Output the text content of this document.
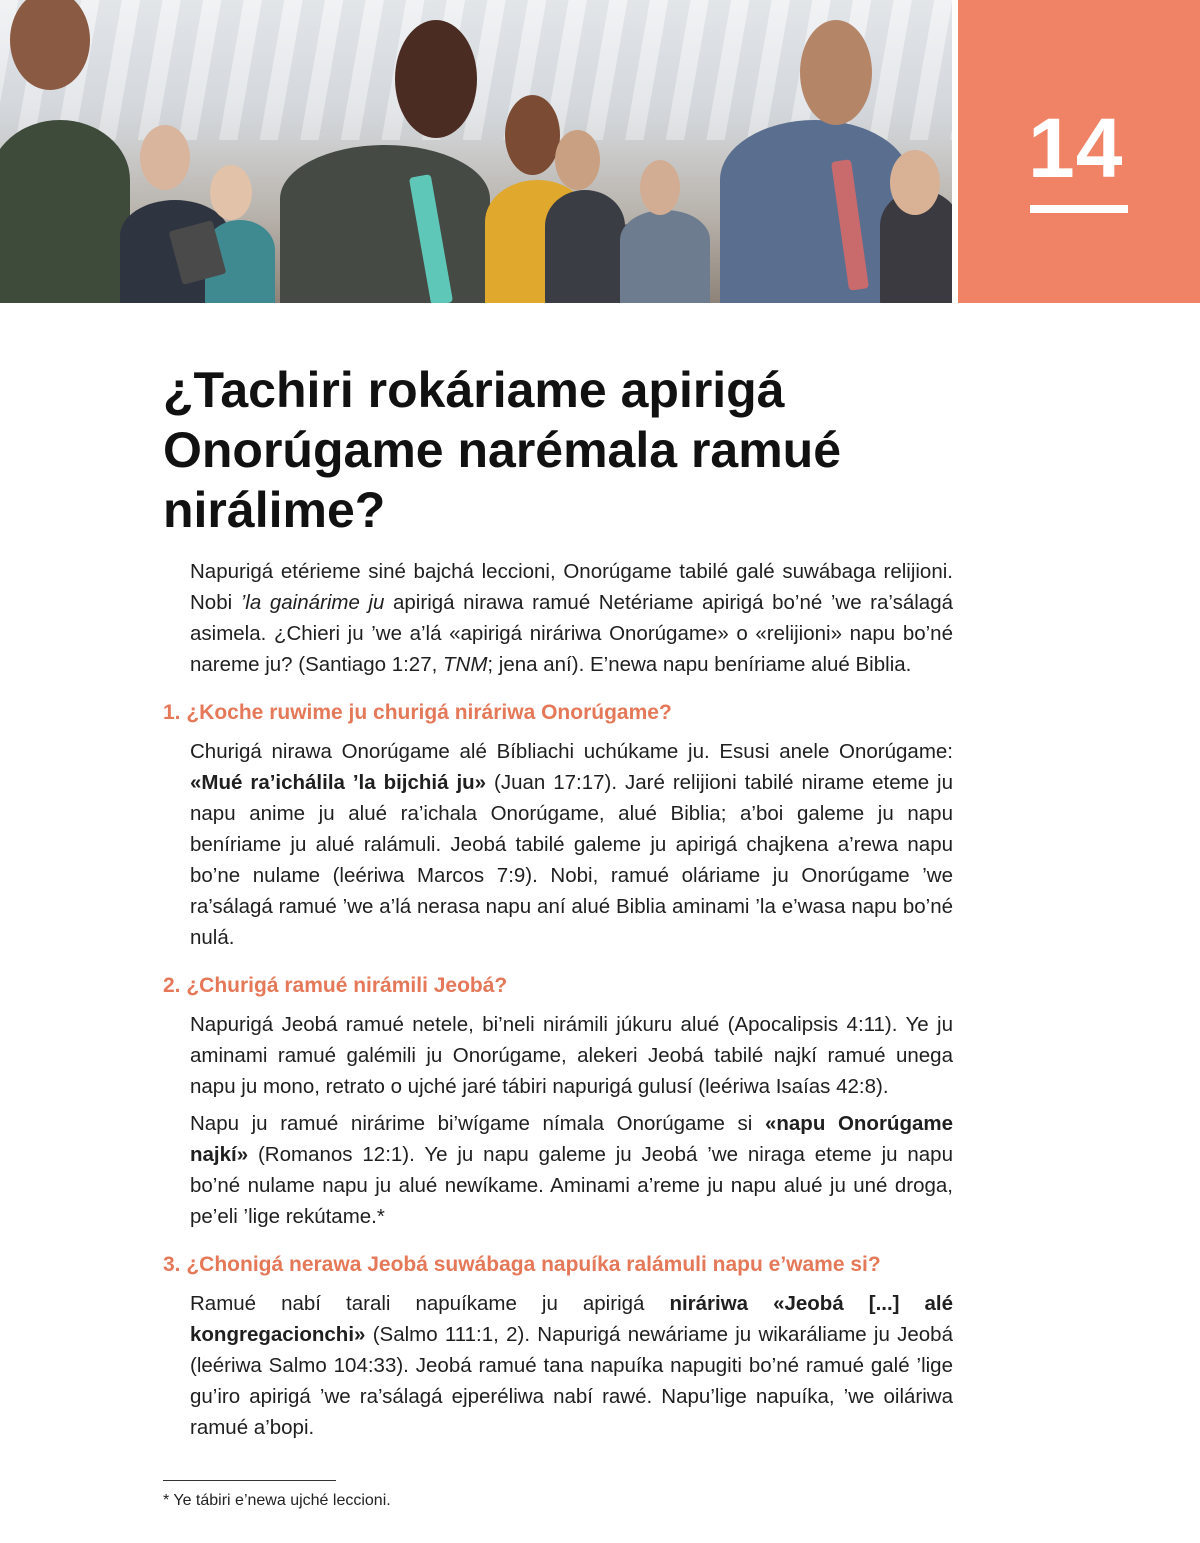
14
¿Tachiri rokáriame apirigá Onorúgame narémala ramué nirálime?

Napurigá etérieme siné bajchá leccioni, Onorúgame tabilé galé suwábaga relijioni. Nobi ’la gainárime ju apirigá nirawa ramué Netériame apirigá bo’né ’we ra’sálagá asimela. ¿Chieri ju ’we a’lá «apirigá niráriwa Onorúgame» o «relijioni» napu bo’né nareme ju? (Santiago 1:27, TNM; jena aní). E’newa napu beníriame alué Biblia.

1. ¿Koche ruwime ju churigá niráriwa Onorúgame?

Churigá nirawa Onorúgame alé Bíbliachi uchúkame ju. Esusi anele Onorúgame: «Mué ra’ichálila ’la bijchiá ju» (Juan 17:17). Jaré relijioni tabilé nirame eteme ju napu anime ju alué ra’ichala Onorúgame, alué Biblia; a’boi galeme ju napu beníriame ju alué ralámuli. Jeobá tabilé galeme ju apirigá chajkena a’rewa napu bo’ne nulame (leériwa Marcos 7:9). Nobi, ramué oláriame ju Onorúgame ’we ra’sálagá ramué ’we a’lá nerasa napu aní alué Biblia aminami ’la e’wasa napu bo’né nulá.

2. ¿Churigá ramué nirámili Jeobá?

Napurigá Jeobá ramué netele, bi’neli nirámili júkuru alué (Apocalipsis 4:11). Ye ju aminami ramué galémili ju Onorúgame, alekeri Jeobá tabilé najkí ramué unega napu ju mono, retrato o ujché jaré tábiri napurigá gulusí (leériwa Isaías 42:8).

Napu ju ramué nirárime bi’wígame nímala Onorúgame si «napu Onorúgame najkí» (Romanos 12:1). Ye ju napu galeme ju Jeobá ’we niraga eteme ju napu bo’né nulame napu ju alué newíkame. Aminami a’reme ju napu alué ju uné droga, pe’eli ’lige rekútame.*

3. ¿Chonigá nerawa Jeobá suwábaga napuíka ralámuli napu e’wame si?

Ramué nabí tarali napuíkame ju apirigá niráriwa «Jeobá [...] alé kongregacionchi» (Salmo 111:1, 2). Napurigá newáriame ju wikaráliame ju Jeobá (leériwa Salmo 104:33). Jeobá ramué tana napuíka napugiti bo’né ramué galé ’lige gu’iro apirigá ’we ra’sálagá ejperéliwa nabí rawé. Napu’lige napuíka, ’we oiláriwa ramué a’bopi.

* Ye tábiri e’newa ujché leccioni.
